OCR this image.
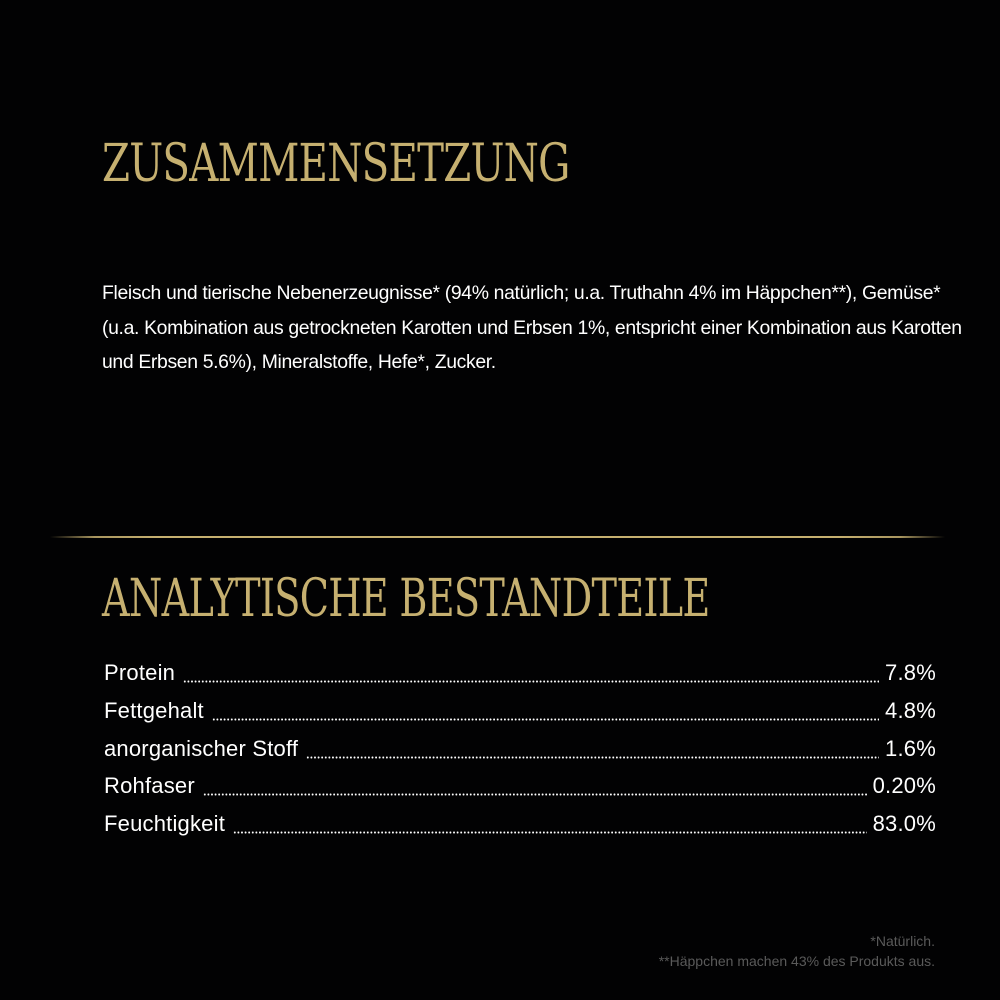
ZUSAMMENSETZUNG

Fleisch und tierische Nebenerzeugnisse* (94% natürlich; u.a. Truthahn 4% im Häppchen**), Gemüse* (u.a. Kombination aus getrockneten Karotten und Erbsen 1%, entspricht einer Kombination aus Karotten und Erbsen 5.6%), Mineralstoffe, Hefe*, Zucker.

ANALYTISCHE BESTANDTEILE
Protein	7.8%
Fettgehalt	4.8%
anorganischer Stoff	1.6%
Rohfaser	0.20%
Feuchtigkeit	83.0%
*Natürlich.
**Häppchen machen 43% des Produkts aus.
